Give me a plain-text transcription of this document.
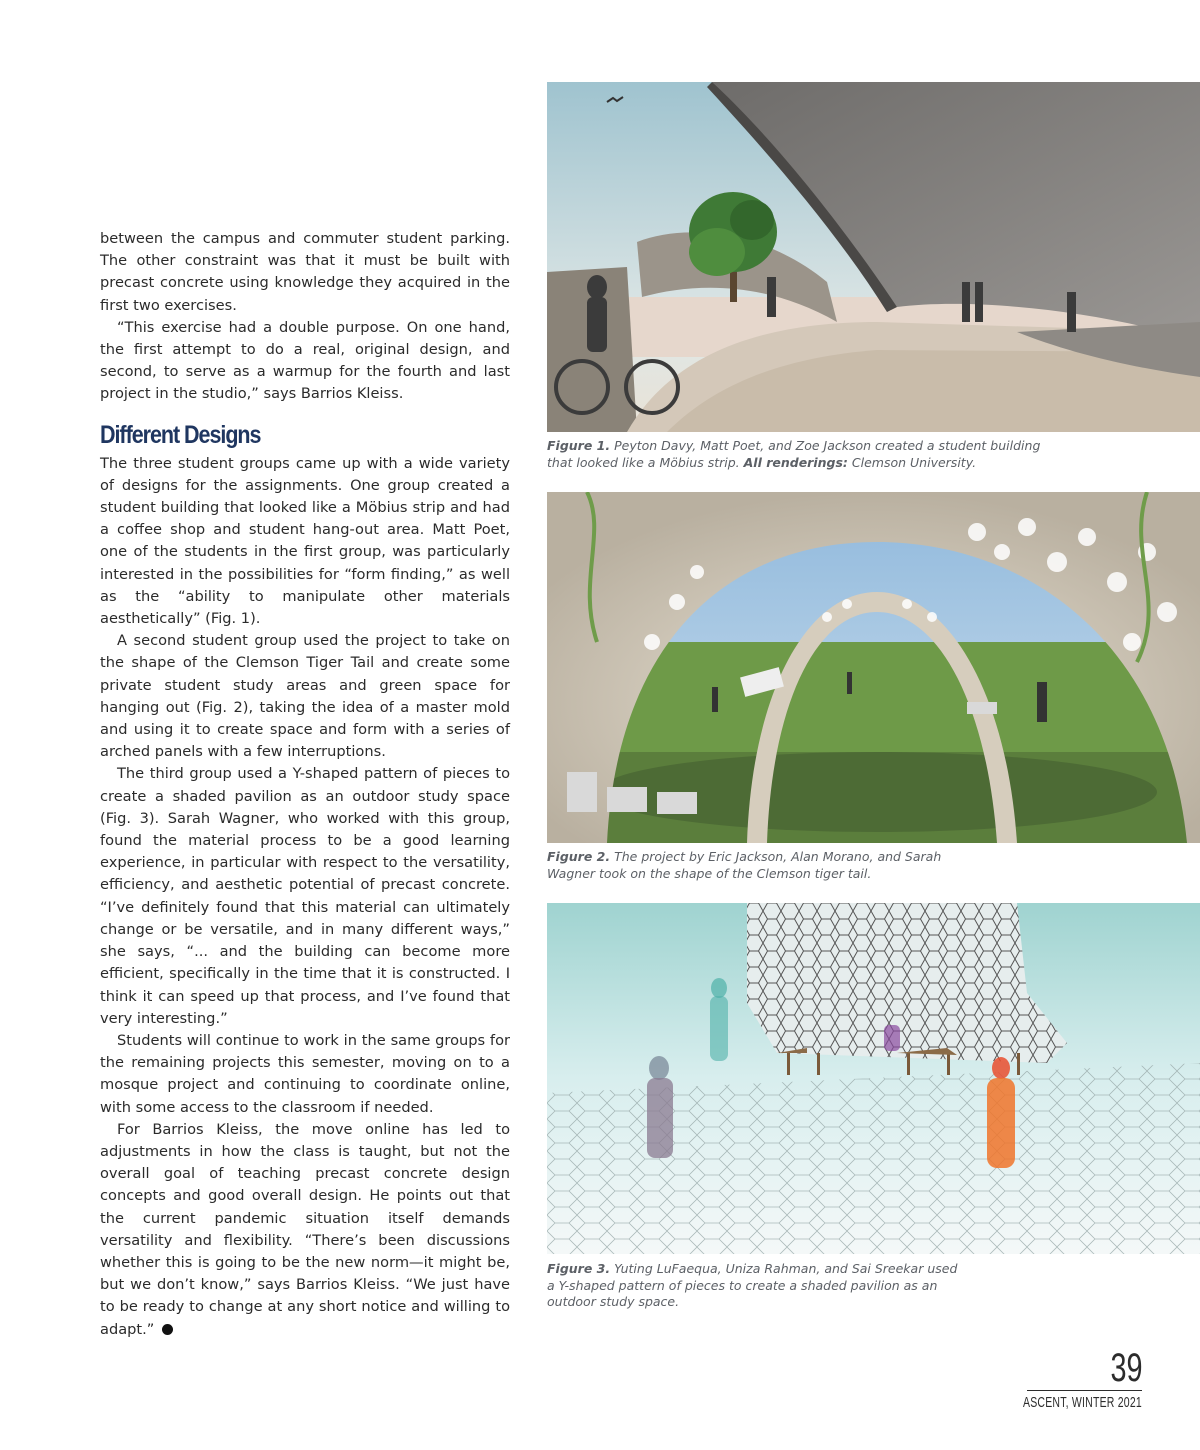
between the campus and commuter student parking. The other constraint was that it must be built with precast concrete using knowledge they acquired in the first two exercises.

“This exercise had a double purpose. On one hand, the first attempt to do a real, original design, and second, to serve as a warmup for the fourth and last project in the studio,” says Barrios Kleiss.

Different Designs

The three student groups came up with a wide variety of designs for the assignments. One group created a student building that looked like a Möbius strip and had a coffee shop and student hang-out area. Matt Poet, one of the students in the first group, was particularly interested in the possibilities for “form finding,” as well as the “ability to manipulate other materials aesthetically” (Fig. 1).

A second student group used the project to take on the shape of the Clemson Tiger Tail and create some private student study areas and green space for hanging out (Fig. 2), taking the idea of a master mold and using it to create space and form with a series of arched panels with a few interruptions.

The third group used a Y-shaped pattern of pieces to create a shaded pavilion as an outdoor study space (Fig. 3). Sarah Wagner, who worked with this group, found the material process to be a good learning experience, in particular with respect to the versatility, efficiency, and aesthetic potential of precast concrete. “I’ve definitely found that this material can ultimately change or be versatile, and in many different ways,” she says, “... and the building can become more efficient, specifically in the time that it is constructed. I think it can speed up that process, and I’ve found that very interesting.”

Students will continue to work in the same groups for the remaining projects this semester, moving on to a mosque project and continuing to coordinate online, with some access to the classroom if needed.

For Barrios Kleiss, the move online has led to adjustments in how the class is taught, but not the overall goal of teaching precast concrete design concepts and good overall design. He points out that the current pandemic situation itself demands versatility and flexibility. “There’s been discussions whether this is going to be the new norm—it might be, but we don’t know,” says Barrios Kleiss. “We just have to be ready to change at any short notice and willing to adapt.”

Figure 1. Peyton Davy, Matt Poet, and Zoe Jackson created a student building that looked like a Möbius strip. All renderings: Clemson University.
Figure 2. The project by Eric Jackson, Alan Morano, and Sarah Wagner took on the shape of the Clemson tiger tail.
Figure 3. Yuting LuFaequa, Uniza Rahman, and Sai Sreekar used a Y-shaped pattern of pieces to create a shaded pavilion as an outdoor study space.
39
ASCENT, WINTER 2021
